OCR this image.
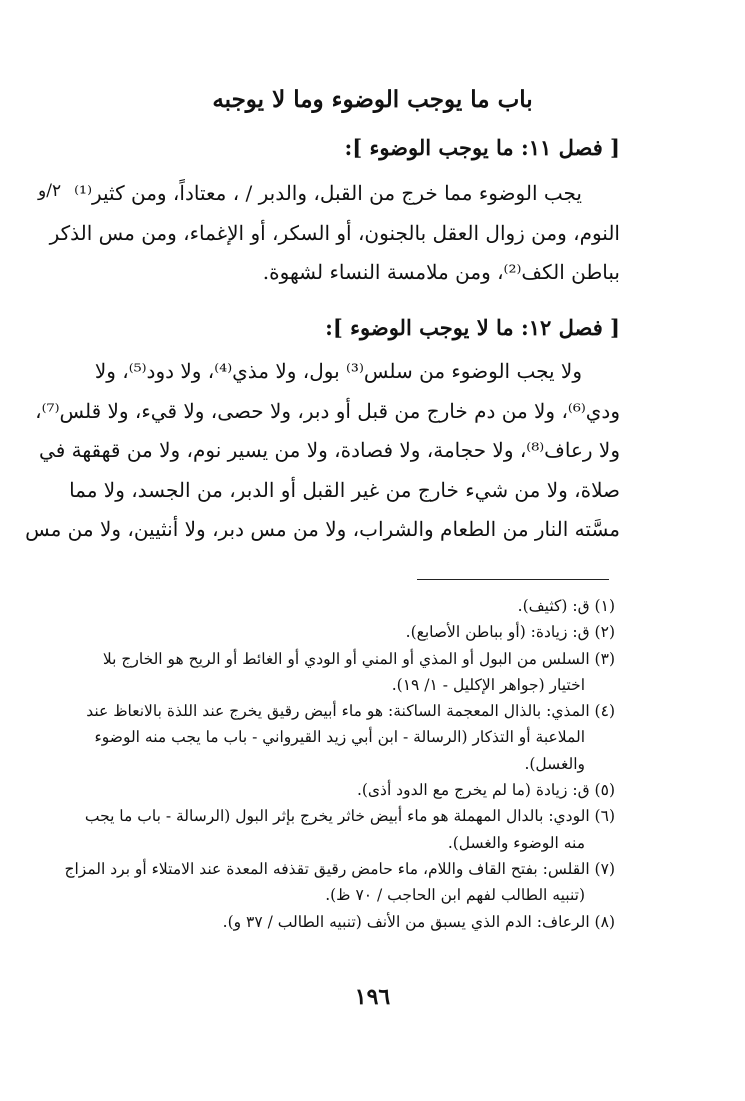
باب ما يوجب الوضوء وما لا يوجبه
[ فصل ١١: ما يوجب الوضوء ]:
٢/و يجب الوضوء مما خرج من القبل، والدبر / ، معتاداً، ومن كثير⁽¹⁾
النوم، ومن زوال العقل بالجنون، أو السكر، أو الإغماء، ومن مس الذكر
بباطن الكف⁽²⁾، ومن ملامسة النساء لشهوة.
[ فصل ١٢: ما لا يوجب الوضوء ]:
ولا يجب الوضوء من سلس⁽³⁾ بول، ولا مذي⁽⁴⁾، ولا دود⁽⁵⁾، ولا
ودي⁽⁶⁾، ولا من دم خارج من قبل أو دبر، ولا حصى، ولا قيء، ولا قلس⁽⁷⁾،
ولا رعاف⁽⁸⁾، ولا حجامة، ولا فصادة، ولا من يسير نوم، ولا من قهقهة في
صلاة، ولا من شيء خارج من غير القبل أو الدبر، من الجسد، ولا مما
مسَّته النار من الطعام والشراب، ولا من مس دبر، ولا أنثيين، ولا من مس
(١) ق: (كثيف).
(٢) ق: زيادة: (أو بباطن الأصابع).
(٣) السلس من البول أو المذي أو المني أو الودي أو الغائط أو الريح هو الخارج بلا
اختيار (جواهر الإكليل - ١/ ١٩).
(٤) المذي: بالذال المعجمة الساكنة: هو ماء أبيض رقيق يخرج عند اللذة بالانعاظ عند
الملاعبة أو التذكار (الرسالة - ابن أبي زيد القيرواني - باب ما يجب منه الوضوء
والغسل).
(٥) ق: زيادة (ما لم يخرج مع الدود أذى).
(٦) الودي: بالدال المهملة هو ماء أبيض خاثر يخرج بإثر البول (الرسالة - باب ما يجب
منه الوضوء والغسل).
(٧) القلس: بفتح القاف واللام، ماء حامض رقيق تقذفه المعدة عند الامتلاء أو برد المزاج
(تنبيه الطالب لفهم ابن الحاجب / ٧٠ ظ).
(٨) الرعاف: الدم الذي يسبق من الأنف (تنبيه الطالب / ٣٧ و).
١٩٦
